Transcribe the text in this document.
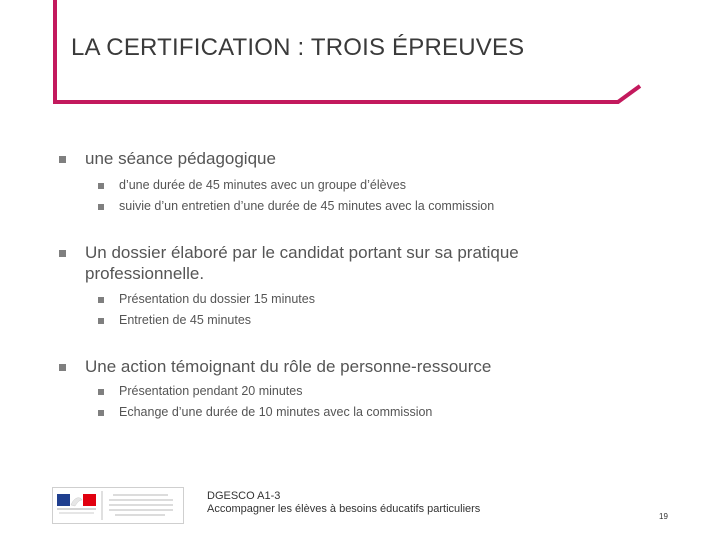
LA CERTIFICATION : TROIS ÉPREUVES
une séance pédagogique
d’une durée de 45 minutes avec un groupe d’élèves
suivie d’un entretien d’une durée de 45 minutes avec la commission
Un dossier élaboré par le candidat portant sur sa pratique
professionnelle.
Présentation du dossier 15 minutes
Entretien de 45 minutes
Une action témoignant du rôle de personne-ressource
Présentation pendant 20 minutes
Echange d’une durée de 10 minutes avec la commission
DGESCO A1-3
Accompagner les élèves à besoins éducatifs particuliers
19
